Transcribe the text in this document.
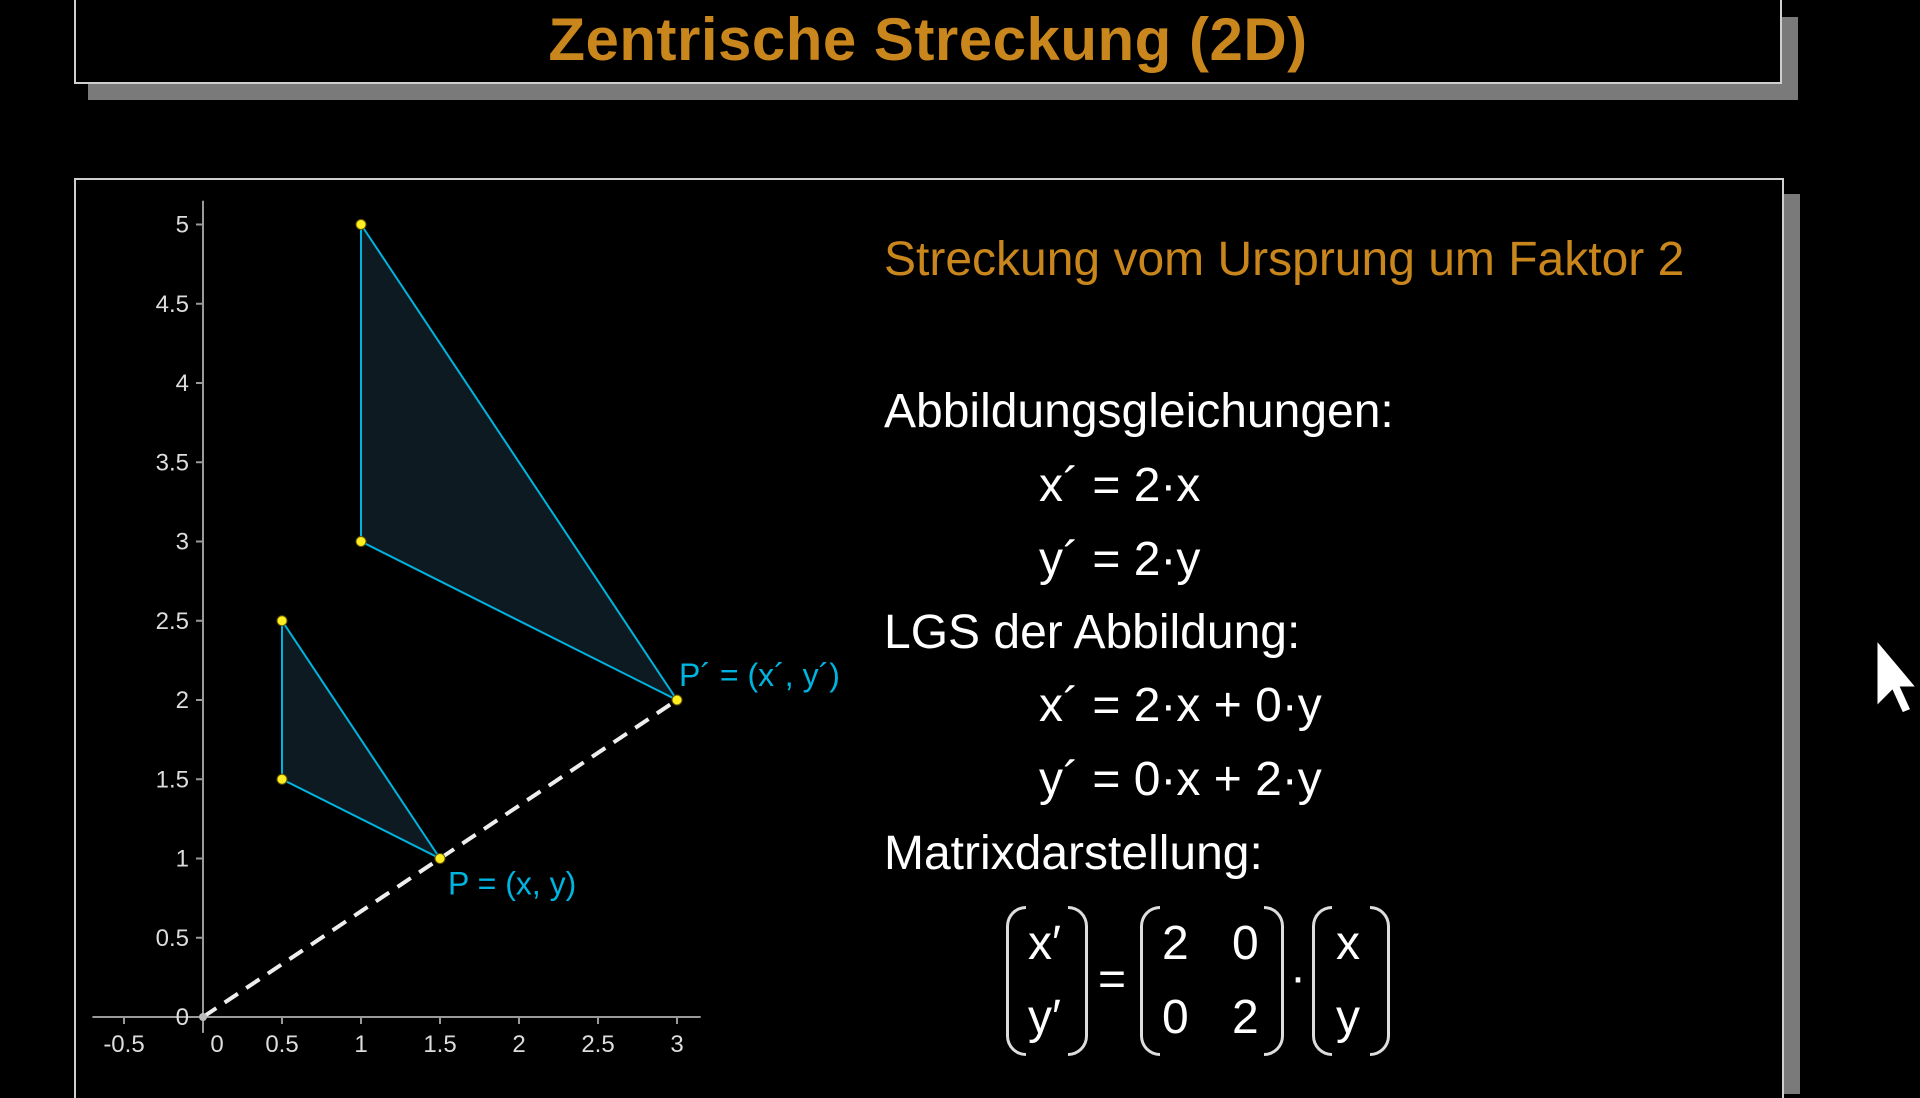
Zentrische Streckung (2D)
-0.5	0 0.5 1 1.5 2 2.5 3
0
0.5
1
1.5
2
2.5
3
3.5
4
4.5
5
P = (x, y)
P´ = (x´, y´)
Streckung vom Ursprung um Faktor 2
Abbildungsgleichungen:
x´ = 2·x
y´ = 2·y
LGS der Abbildung:
x´ = 2·x + 0·y
y´ = 0·x + 2·y
Matrixdarstellung:
x′
y′
=
2 0
0 2
·
x
y
